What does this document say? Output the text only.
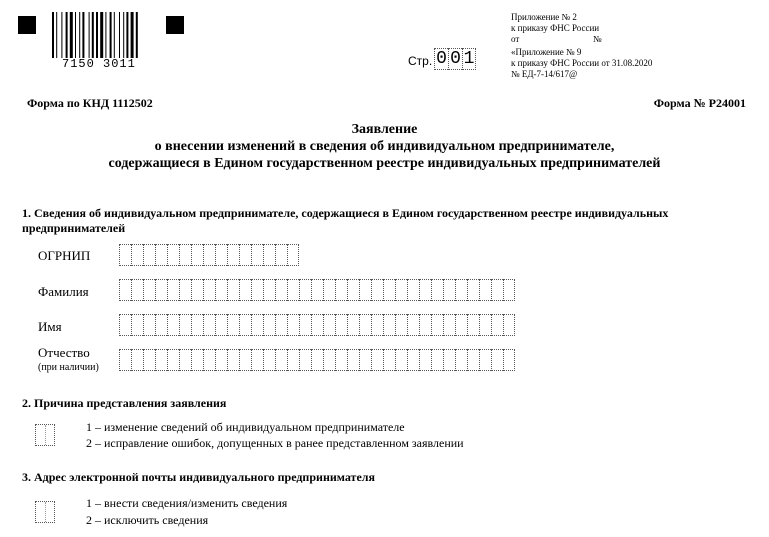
7150 3011
Приложение № 2
к приказу ФНС России
от	№
«Приложение № 9
к приказу ФНС России от 31.08.2020
№ ЕД-7-14/617@
Стр. 0 0 1
Форма по КНД 1112502	Форма № Р24001
Заявление
о внесении изменений в сведения об индивидуальном предпринимателе,
содержащиеся в Едином государственном реестре индивидуальных предпринимателей
1. Сведения об индивидуальном предпринимателе, содержащиеся в Едином государственном реестре индивидуальных
предпринимателей
ОГРНИП
Фамилия
Имя
Отчество
(при наличии)
2. Причина представления заявления
1 – изменение сведений об индивидуальном предпринимателе
2 – исправление ошибок, допущенных в ранее представленном заявлении
3. Адрес электронной почты индивидуального предпринимателя
1 – внести сведения/изменить сведения
2 – исключить сведения
